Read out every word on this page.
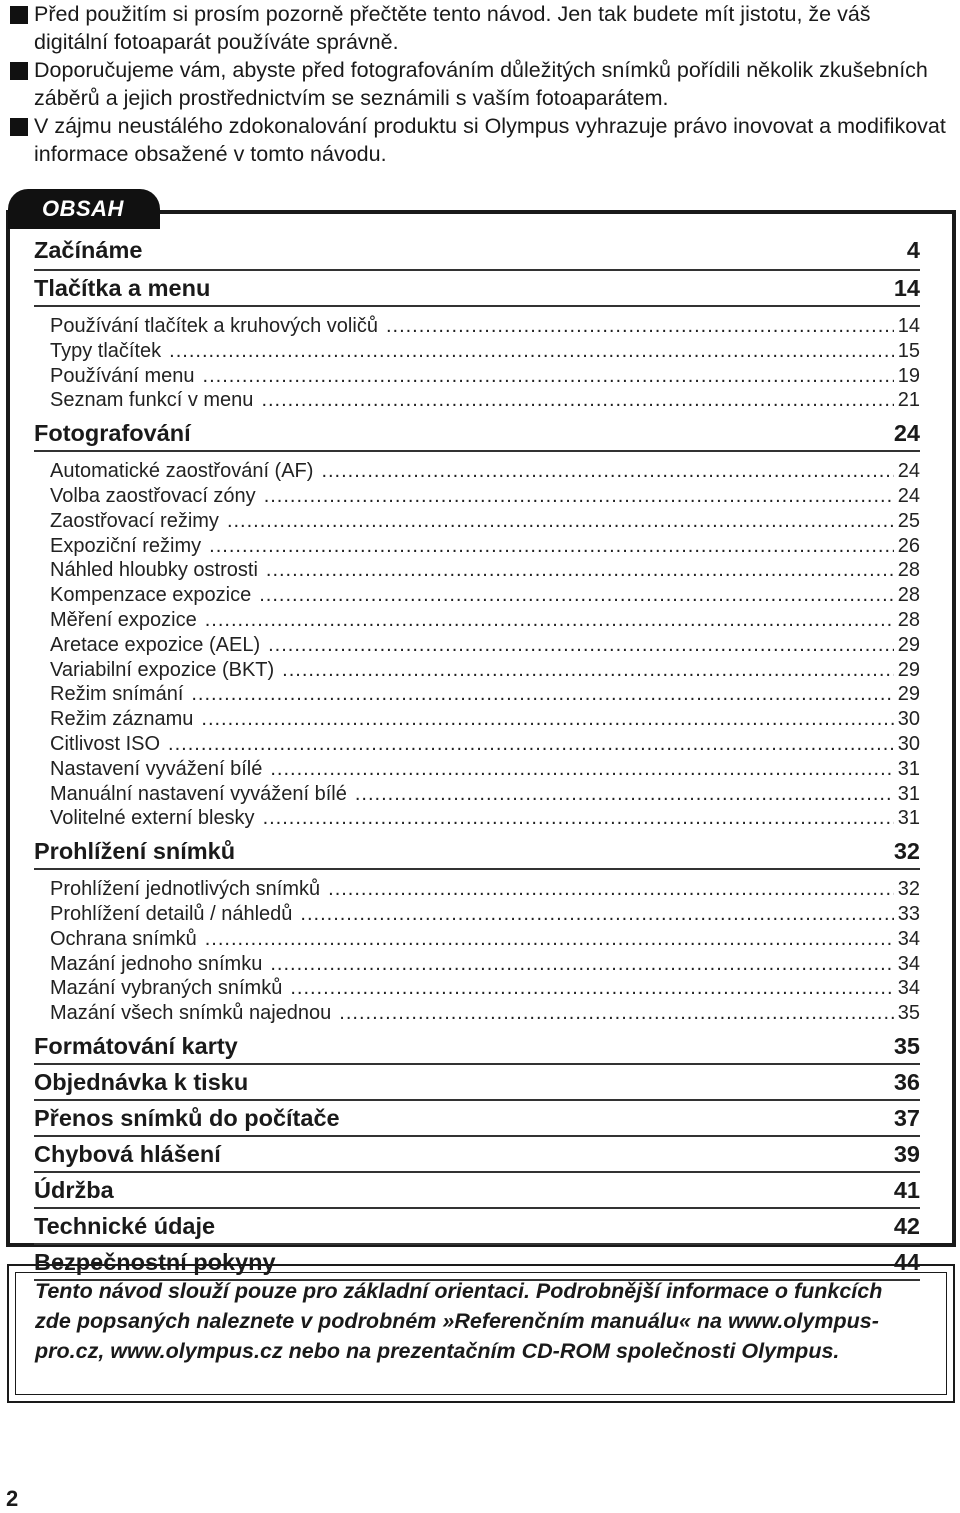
Před použitím si prosím pozorně přečtěte tento návod. Jen tak budete mít jistotu, že váš digitální fotoaparát používáte správně.
Doporučujeme vám, abyste před fotografováním důležitých snímků pořídili několik zkušebních záběrů a jejich prostřednictvím se seznámili s vaším fotoaparátem.
V zájmu neustálého zdokonalování produktu si Olympus vyhrazuje právo inovovat a modifikovat informace obsažené v tomto návodu.
OBSAH
Začínáme	4
Tlačítka a menu	14
Používání tlačítek a kruhových voličů .....	14
Typy tlačítek .....	15
Používání menu .....	19
Seznam funkcí v menu .....	21
Fotografování	24
Automatické zaostřování (AF) .....	24
Volba zaostřovací zóny .....	24
Zaostřovací režimy .....	25
Expoziční režimy .....	26
Náhled hloubky ostrosti .....	28
Kompenzace expozice .....	28
Měření expozice .....	28
Aretace expozice (AEL) .....	29
Variabilní expozice (BKT) .....	29
Režim snímání .....	29
Režim záznamu .....	30
Citlivost ISO .....	30
Nastavení vyvážení bílé .....	31
Manuální nastavení vyvážení bílé .....	31
Volitelné externí blesky .....	31
Prohlížení snímků	32
Prohlížení jednotlivých snímků .....	32
Prohlížení detailů / náhledů .....	33
Ochrana snímků .....	34
Mazání jednoho snímku .....	34
Mazání vybraných snímků .....	34
Mazání všech snímků najednou .....	35
Formátování karty	35
Objednávka k tisku	36
Přenos snímků do počítače	37
Chybová hlášení	39
Údržba	41
Technické údaje	42
Bezpečnostní pokyny	44
Tento návod slouží pouze pro základní orientaci. Podrobnější informace o funkcích zde popsaných naleznete v podrobném »Referenčním manuálu« na www.olympus-pro.cz, www.olympus.cz nebo na prezentačním CD-ROM společnosti Olympus.
2
